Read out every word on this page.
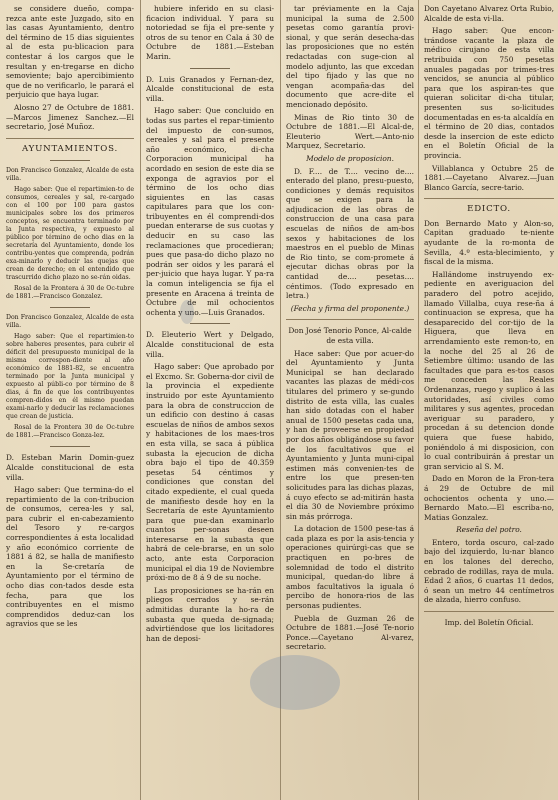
se considere dueño, compa-rezca ante este Juzgado, sito en las casas Ayuntamiento, dentro del término de 15 dias siguientes al de esta pu-blicacion para contestar á los cargos que le resultan y en-tregarse en dicho semoviente; bajo apercibimiento que de no verificarlo, le parará el perjuicio que haya lugar.

Alosno 27 de Octubre de 1881.—Marcos Jimenez Sanchez.—El secretario, José Muñoz.

AYUNTAMIENTOS.

Don Francisco Gonzalez, Alcalde de esta villa.

Hago saber: Que el repartimien-to de consumos, cereales y sal, re-cargado con el 100 por 100 para gastos municipales sobre los dos primeros conceptos, se encuentra terminado por la Junta respectiva, y expuesto al público por término de ocho dias en la secretaría del Ayuntamiento, donde los contribu-yentes que comprenda, podrán exa-minarlo y deducir las quejas que crean de derecho; en el entendido que trascurrido dicho plazo no se-rán oidas.

Rosal de la Frontera á 30 de Oc-tubre de 1881.—Francisco Gonzalez.

Don Francisco Gonzalez, Alcalde de esta villa.

Hago saber: Que el repartimien-to sobre haberes presentes, para cubrir el déficit del presupuesto municipal de la misma correspon-diente al año económico de 1881-82, se encuentra terminado por la Junta municipal y expuesto al públi-co por término de 8 dias, á fin de que los contribuyentes compren-didos en él mismo puedan exami-narlo y deducir las reclamaciones que crean de justicia.

Rosal de la Frontera 30 de Oc-tubre de 1881.—Francisco Gonza-lez.

D. Esteban Marin Domin-guez Alcalde constitucional de esta villa.

Hago saber: Que termina-do el repartimiento de la con-tribucion de consumos, cerea-les y sal, para cubrir el en-cabezamiento del Tesoro y re-cargos correspondientes á esta localidad y año económico corriente de 1881 á 82, se halla de manifiesto en la Se-cretaría de Ayuntamiento por el término de ocho dias con-tados desde esta fecha, para que los contribuyentes en el mismo comprendidos deduz-can los agravios que se les

hubiere inferido en su clasi-ficacion individual. Y para su notoriedad se fija el pre-sente y otros de su tenor en Cala á 30 de Octubre de 1881.—Esteban Marin.

D. Luis Granados y Fernan-dez, Alcalde constitucional de esta villa.

Hago saber: Que concluido en todas sus partes el repar-timiento del impuesto de con-sumos, cereales y sal para el presente año económico, di-cha Corporacion municipal ha acordado en sesion de este dia se exponga de agravios por el término de los ocho dias siguientes en las casas capitulares para que los con-tribuyentes en él comprendi-dos puedan enterarse de sus cuotas y deducir en su caso las reclamaciones que procedieran; pues que pasa-do dicho plazo no podrán ser oidos y les parará el per-juicio que haya lugar. Y pa-ra la comun inteligencia se fija el presente en Aracena á treinta de Octubre de mil ochocientos ochenta y uno.—Luis Granados.

D. Eleuterio Wert y Delgado, Alcalde constitucional de esta villa.

Hago saber: Que aprobado por el Excmo. Sr. Goberna-dor civil de la provincia el expediente instruido por este Ayuntamiento para la obra de construccion de un edificio con destino á casas escuelas de niños de ambos sexos y habitaciones de los maes-tros en esta villa, se saca á pública subasta la ejecucion de dicha obra bajo el tipo de 40.359 pesetas 54 céntimos y condiciones que constan del citado expediente, el cual queda de manifiesto desde hoy en la Secretaría de este Ayuntamiento para que pue-dan examinarlo cuantos per-sonas deseen interesarse en la subasta que habrá de cele-brarse, en un solo acto, ante esta Corporacion municipal el dia 19 de Noviembre próxi-mo de 8 á 9 de su noche.

Las proposiciones se ha-rán en pliegos cerrados y se-rán admitidas durante la ho-ra de subasta que queda de-signada; advirtiéndose que los licitadores han de deposi-

tar préviamente en la Caja municipal la suma de 2.500 pesetas como garantía provi-sional, y que serán desecha-das las proposiciones que no estén redactadas con suge-cion al modelo adjunto, las que excedan del tipo fijado y las que no vengan acompaña-das del documento que acre-dite el mencionado depósito.

Minas de Rio tinto 30 de Octubre de 1881.—El Alcal-de, Eleuterio Wert.—Anto-nio Marquez, Secretario.

Modelo de proposicion.

D. F.... de T.... vecino de.... enterado del plano, presu-puesto, condiciones y demás requisitos que se exigen para la adjudicacion de las obras de construccion de una casa para escuelas de niños de am-bos sexos y habitaciones de los maestros en el pueblo de Minas de Rio tinto, se com-promete á ejecutar dichas obras por la cantidad de.... pesetas.... céntimos. (Todo expresado en letra.)

(Fecha y firma del proponente.)

Don José Tenorio Ponce, Al-calde de esta villa.

Hace saber: Que por acuer-do del Ayuntamiento y Junta Municipal se han declarado vacantes las plazas de médi-cos titulares del primero y se-gundo distrito de esta villa, las cuales han sido dotadas con el haber anual de 1500 pesetas cada una, y han de proveerse en propiedad por dos años obligándose su favor de los facultativos que el Ayuntamiento y Junta muni-cipal estimen más convenien-tes de entre los que presen-ten solicitudes para las dichas plazas, á cuyo efecto se ad-mitirán hasta el dia 30 de Noviembre próximo sin más prórroga.

La dotacion de 1500 pese-tas á cada plaza es por la asis-tencia y operaciones quirúrgi-cas que se practiquen en po-bres de solemnidad de todo el distrito municipal, quedan-do libre á ambos facultativos la iguala ó percibo de honora-rios de las personas pudientes.

Puebla de Guzman 26 de Octubre de 1881.—José Te-norio Ponce.—Cayetano Al-varez, secretario.

Don Cayetano Alvarez Orta Rubio, Alcalde de esta vi-lla.

Hago saber: Que encon-trándose vacante la plaza de médico cirujano de esta villa retribuida con 750 pesetas anuales pagadas por trimes-tres vencidos, se anuncia al público para que los aspiran-tes que quieran solicitar di-cha titular, presenten sus so-licitudes documentadas en es-ta alcaldía en el término de 20 dias, contados desde la insercion de este edicto en el Boletín Oficial de la provincia.

Villablanca y Octubre 25 de 1881.—Cayetano Alvarez.—Juan Blanco García, secre-tario.

EDICTO.

Don Bernardo Mato y Alon-so, Capitan graduado te-niente ayudante de la ro-monta de Sevilla, 4.º esta-blecimiento, y fiscal de la misma.

Hallándome instruyendo ex-pediente en averiguacion del paradero del potro acejido, llamado Villalba, cuya rese-ña á continuacion se expresa, que ha desaparecido del cor-tijo de la Higuera, que lleva en arrendamiento este remon-to, en la noche del 25 al 26 de Setiembre último: usando de las facultades que para es-tos casos me conceden las Reales Ordenanzas, ruego y suplico á las autoridades, así civiles como militares y sus agentes, procedan averiguar su paradero, y procedan á su detencion donde quiera que fuese habido, poniéndolo á mi disposicion, con lo cual contribuirán á prestar un gran servicio al S. M.

Dado en Moron de la Fron-tera á 29 de Octubre de mil ochocientos ochenta y uno.—Bernardo Mato.—El escriba-no, Matias Gonzalez.

Reseña del potro.

Entero, torda oscuro, cal-zado bajo del izquierdo, lu-nar blanco en los talones del derecho, cebrado de rodillas, raya de mula. Edad 2 años, 6 cuartas 11 dedos, ó sean un metro 44 centímetros de alzada, hierro confuso.

Imp. del Boletín Oficial.
